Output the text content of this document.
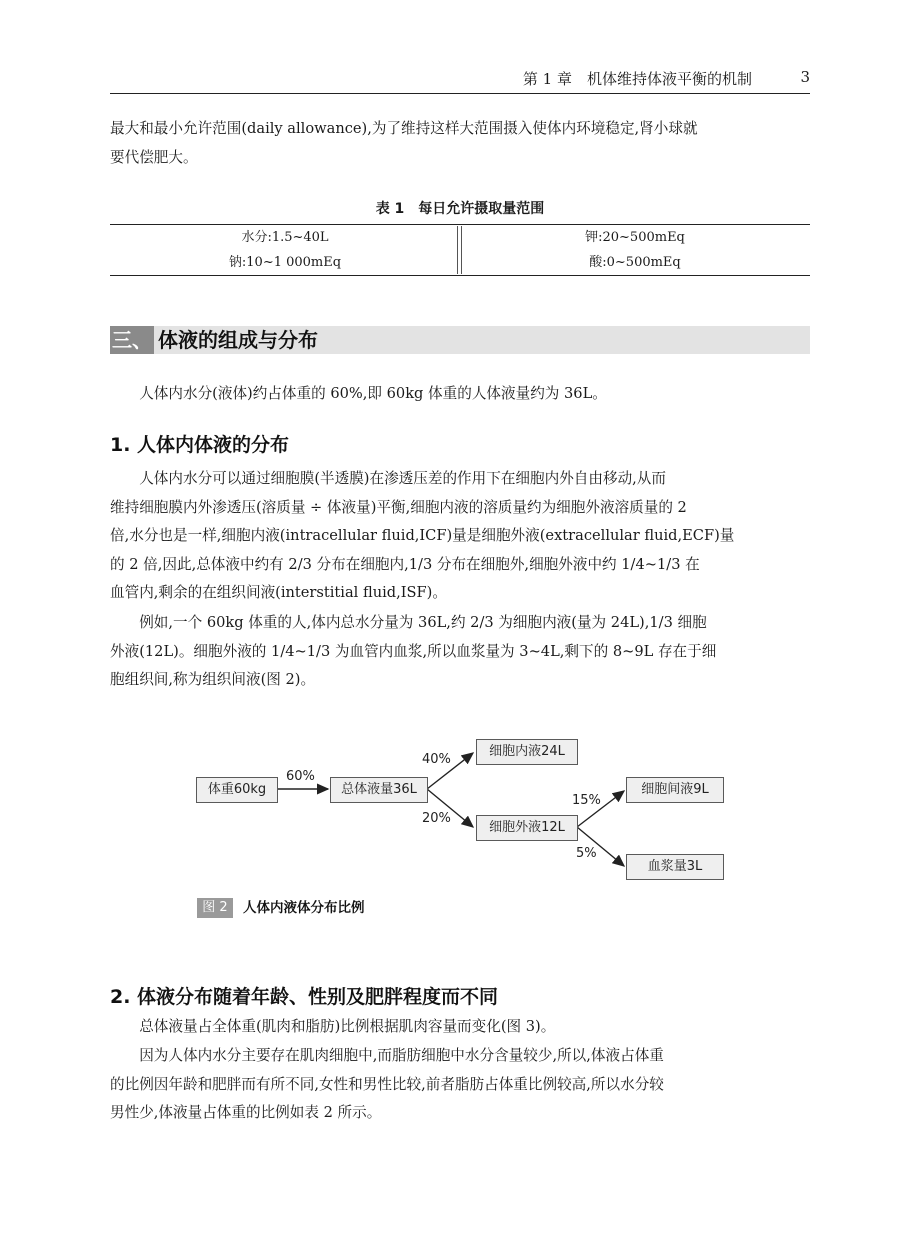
第 1 章　机体维持体液平衡的机制	3
最大和最小允许范围(daily allowance),为了维持这样大范围摄入使体内环境稳定,肾小球就
要代偿肥大。
表 1　每日允许摄取量范围
水分:1.5~40L	钾:20~500mEq
钠:10~1 000mEq	酸:0~500mEq
三、 体液的组成与分布
人体内水分(液体)约占体重的 60%,即 60kg 体重的人体液量约为 36L。
1. 人体内体液的分布
人体内水分可以通过细胞膜(半透膜)在渗透压差的作用下在细胞内外自由移动,从而
维持细胞膜内外渗透压(溶质量 ÷ 体液量)平衡,细胞内液的溶质量约为细胞外液溶质量的 2
倍,水分也是一样,细胞内液(intracellular fluid,ICF)量是细胞外液(extracellular fluid,ECF)量
的 2 倍,因此,总体液中约有 2/3 分布在细胞内,1/3 分布在细胞外,细胞外液中约 1/4~1/3 在
血管内,剩余的在组织间液(interstitial fluid,ISF)。
例如,一个 60kg 体重的人,体内总水分量为 36L,约 2/3 为细胞内液(量为 24L),1/3 细胞
外液(12L)。细胞外液的 1/4~1/3 为血管内血浆,所以血浆量为 3~4L,剩下的 8~9L 存在于细
胞组织间,称为组织间液(图 2)。
体重60kg	总体液量36L
细胞内液24L
细胞外液12L
细胞间液9L
血浆量3L
60%
40%
20%
15%
5%
图 2	人体内液体分布比例
2. 体液分布随着年龄、性别及肥胖程度而不同
总体液量占全体重(肌肉和脂肪)比例根据肌肉容量而变化(图 3)。
因为人体内水分主要存在肌肉细胞中,而脂肪细胞中水分含量较少,所以,体液占体重
的比例因年龄和肥胖而有所不同,女性和男性比较,前者脂肪占体重比例较高,所以水分较
男性少,体液量占体重的比例如表 2 所示。
